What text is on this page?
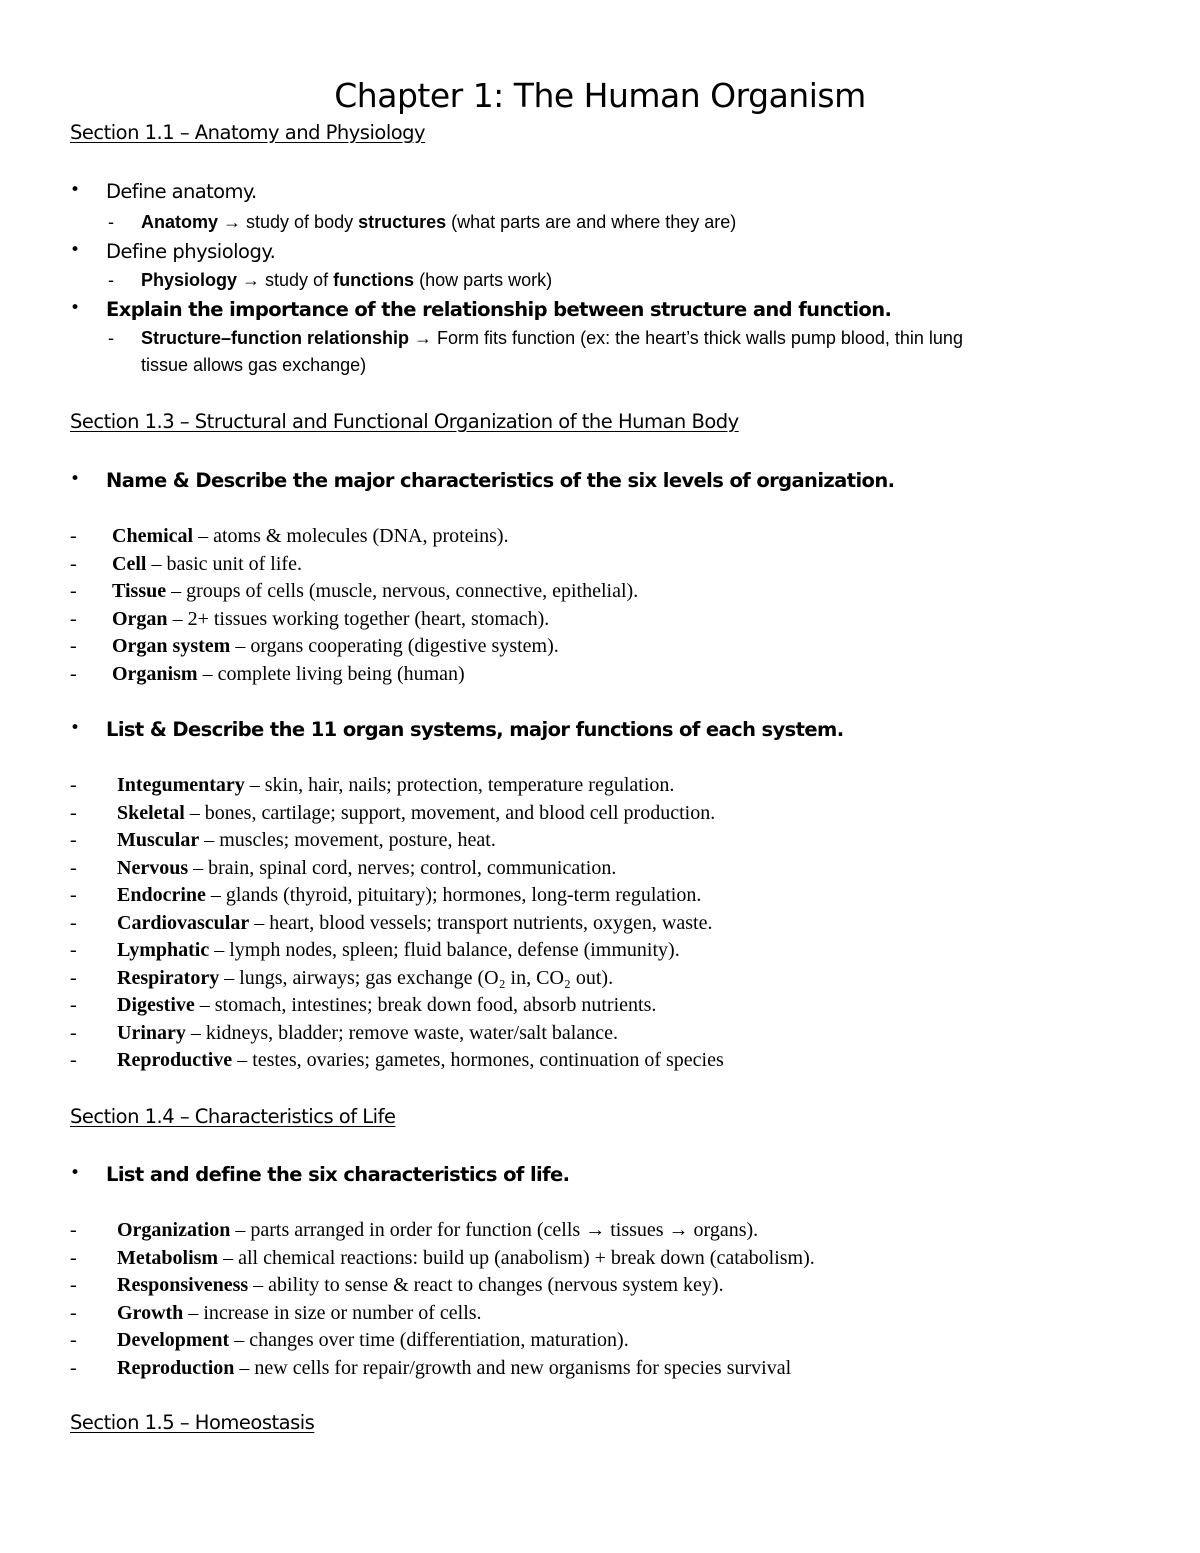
Chapter 1: The Human Organism
Section 1.1 – Anatomy and Physiology
• Define anatomy.
- Anatomy → study of body structures (what parts are and where they are)
• Define physiology.
- Physiology → study of functions (how parts work)
• Explain the importance of the relationship between structure and function.
- Structure–function relationship → Form fits function (ex: the heart’s thick walls pump blood, thin lung
tissue allows gas exchange)
Section 1.3 – Structural and Functional Organization of the Human Body
• Name & Describe the major characteristics of the six levels of organization.
- Chemical – atoms & molecules (DNA, proteins).
- Cell – basic unit of life.
- Tissue – groups of cells (muscle, nervous, connective, epithelial).
- Organ – 2+ tissues working together (heart, stomach).
- Organ system – organs cooperating (digestive system).
- Organism – complete living being (human)
• List & Describe the 11 organ systems, major functions of each system.
- Integumentary – skin, hair, nails; protection, temperature regulation.
- Skeletal – bones, cartilage; support, movement, and blood cell production.
- Muscular – muscles; movement, posture, heat.
- Nervous – brain, spinal cord, nerves; control, communication.
- Endocrine – glands (thyroid, pituitary); hormones, long-term regulation.
- Cardiovascular – heart, blood vessels; transport nutrients, oxygen, waste.
- Lymphatic – lymph nodes, spleen; fluid balance, defense (immunity).
- Respiratory – lungs, airways; gas exchange (O₂ in, CO₂ out).
- Digestive – stomach, intestines; break down food, absorb nutrients.
- Urinary – kidneys, bladder; remove waste, water/salt balance.
- Reproductive – testes, ovaries; gametes, hormones, continuation of species
Section 1.4 – Characteristics of Life
• List and define the six characteristics of life.
- Organization – parts arranged in order for function (cells → tissues → organs).
- Metabolism – all chemical reactions: build up (anabolism) + break down (catabolism).
- Responsiveness – ability to sense & react to changes (nervous system key).
- Growth – increase in size or number of cells.
- Development – changes over time (differentiation, maturation).
- Reproduction – new cells for repair/growth and new organisms for species survival
Section 1.5 – Homeostasis
